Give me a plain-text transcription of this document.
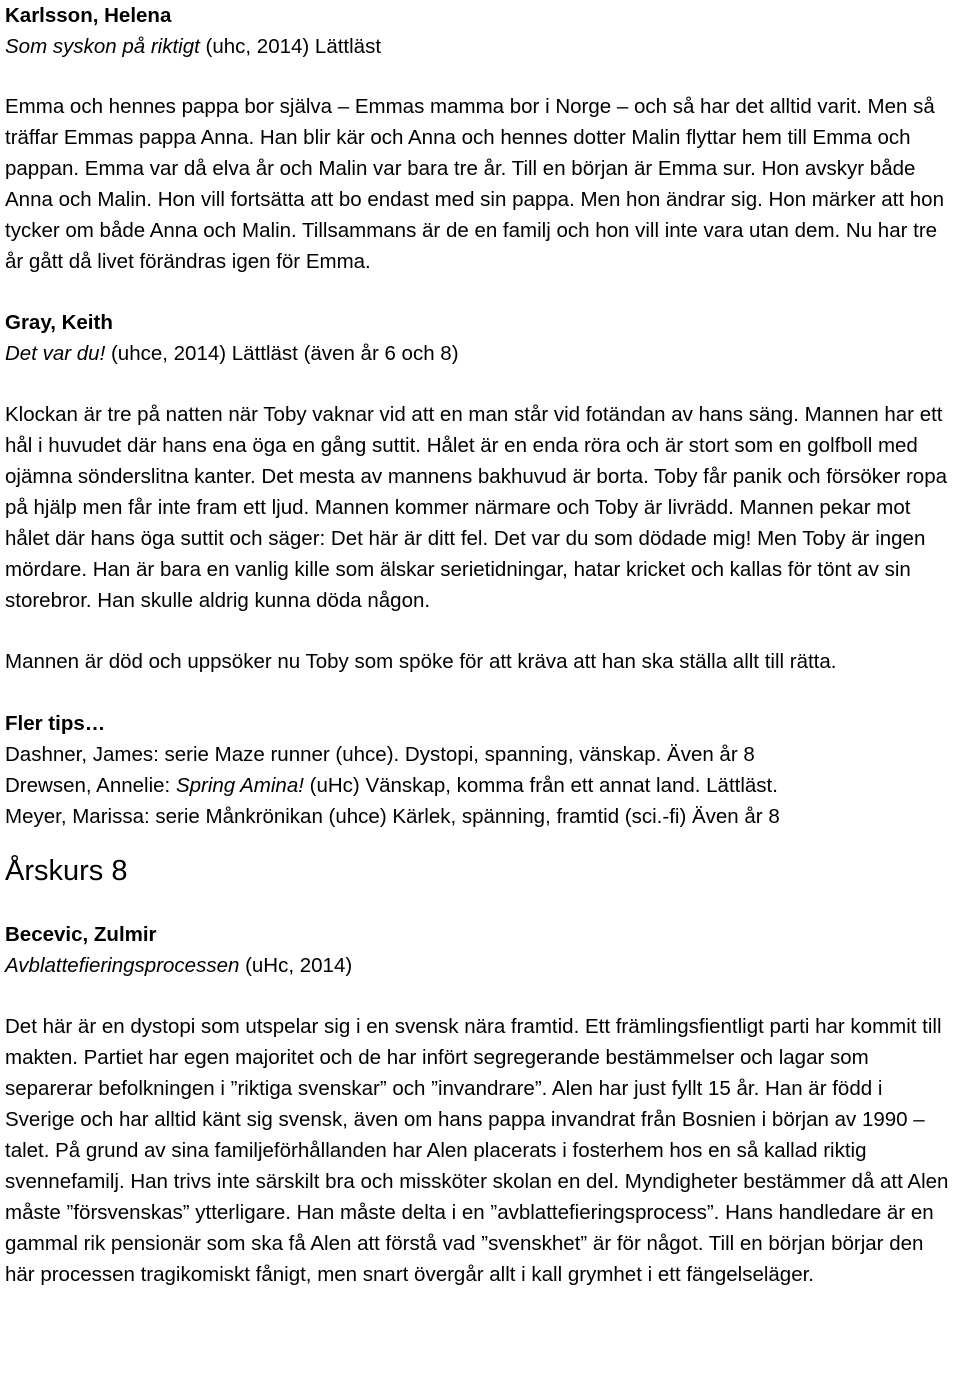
Karlsson, Helena

Som syskon på riktigt (uhc, 2014) Lättläst

Emma och hennes pappa bor själva – Emmas mamma bor i Norge – och så har det alltid varit. Men så träffar Emmas pappa Anna. Han blir kär och Anna och hennes dotter Malin flyttar hem till Emma och pappan. Emma var då elva år och Malin var bara tre år. Till en början är Emma sur. Hon avskyr både Anna och Malin. Hon vill fortsätta att bo endast med sin pappa. Men hon ändrar sig. Hon märker att hon tycker om både Anna och Malin. Tillsammans är de en familj och hon vill inte vara utan dem. Nu har tre år gått då livet förändras igen för Emma.

Gray, Keith

Det var du! (uhce, 2014) Lättläst (även år 6 och 8)

Klockan är tre på natten när Toby vaknar vid att en man står vid fotändan av hans säng. Mannen har ett hål i huvudet där hans ena öga en gång suttit. Hålet är en enda röra och är stort som en golfboll med ojämna sönderslitna kanter. Det mesta av mannens bakhuvud är borta. Toby får panik och försöker ropa på hjälp men får inte fram ett ljud. Mannen kommer närmare och Toby är livrädd. Mannen pekar mot hålet där hans öga suttit och säger: Det här är ditt fel. Det var du som dödade mig! Men Toby är ingen mördare. Han är bara en vanlig kille som älskar serietidningar, hatar kricket och kallas för tönt av sin storebror. Han skulle aldrig kunna döda någon.

Mannen är död och uppsöker nu Toby som spöke för att kräva att han ska ställa allt till rätta.

Fler tips…

Dashner, James: serie Maze runner (uhce). Dystopi, spanning, vänskap. Även år 8

Drewsen, Annelie: Spring Amina! (uHc) Vänskap, komma från ett annat land. Lättläst.

Meyer, Marissa: serie Månkrönikan (uhce) Kärlek, spänning, framtid (sci.-fi) Även år 8

Årskurs 8

Becevic, Zulmir

Avblattefieringsprocessen (uHc, 2014)

Det här är en dystopi som utspelar sig i en svensk nära framtid. Ett främlingsfientligt parti har kommit till makten. Partiet har egen majoritet och de har infört segregerande bestämmelser och lagar som separerar befolkningen i ”riktiga svenskar” och ”invandrare”. Alen har just fyllt 15 år. Han är född i Sverige och har alltid känt sig svensk, även om hans pappa invandrat från Bosnien i början av 1990 – talet. På grund av sina familjeförhållanden har Alen placerats i fosterhem hos en så kallad riktig svennefamilj. Han trivs inte särskilt bra och missköter skolan en del. Myndigheter bestämmer då att Alen måste ”försvenskas” ytterligare. Han måste delta i en ”avblattefieringsprocess”. Hans handledare är en gammal rik pensionär som ska få Alen att förstå vad ”svenskhet” är för något. Till en början börjar den här processen tragikomiskt fånigt, men snart övergår allt i kall grymhet i ett fängelseläger.
